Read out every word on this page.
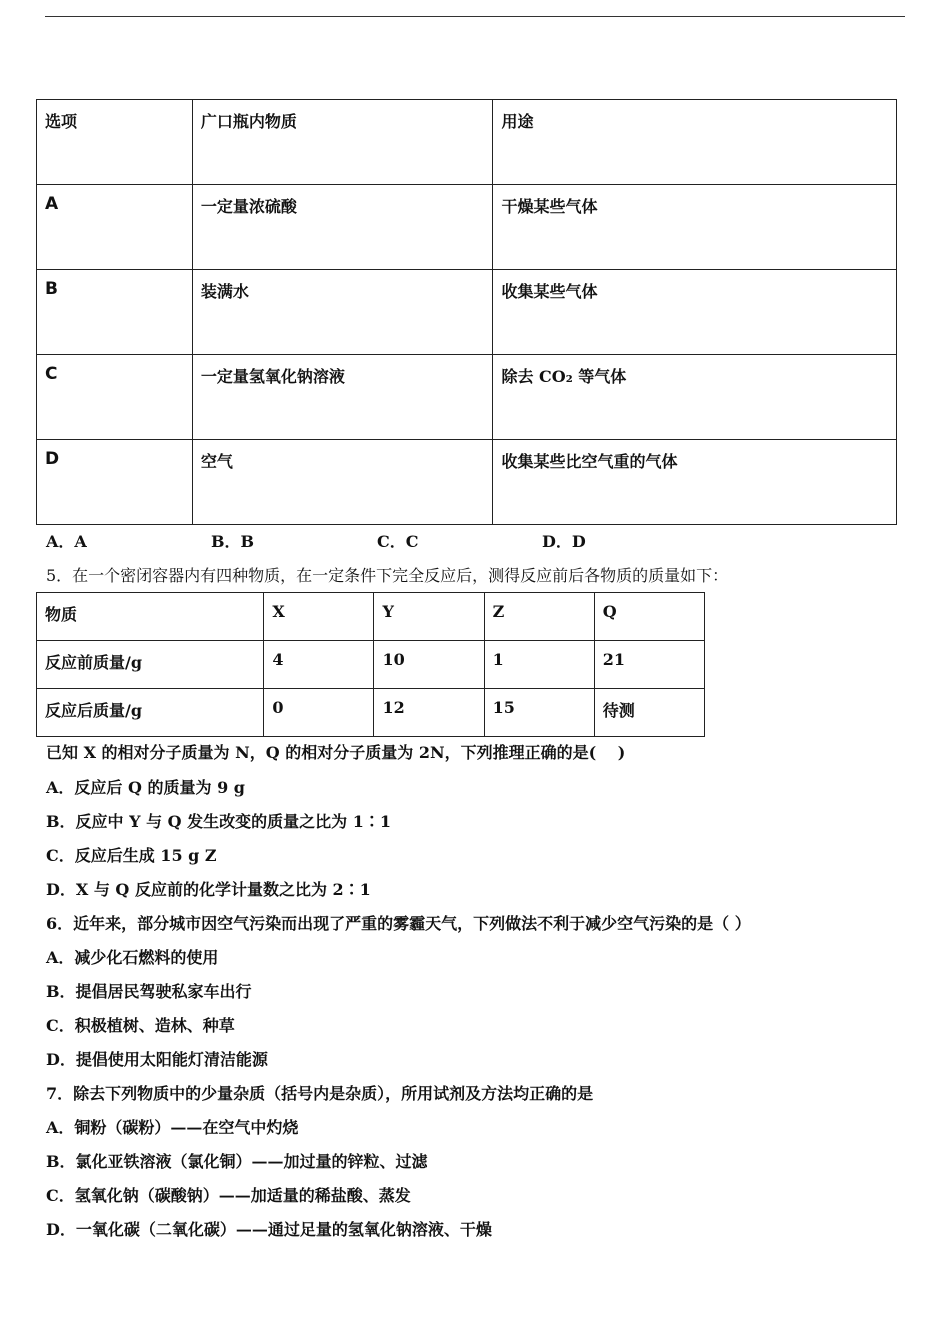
选项	广口瓶内物质	用途
A	一定量浓硫酸	干燥某些气体
B	装满水	收集某些气体
C	一定量氢氧化钠溶液	除去 CO₂ 等气体
D	空气	收集某些比空气重的气体
A．A	B．B	C．C	D．D
5．在一个密闭容器内有四种物质，在一定条件下完全反应后，测得反应前后各物质的质量如下：
物质	X	Y	Z	Q
反应前质量/g	4	10	1	21
反应后质量/g	0	12	15	待测
已知 X 的相对分子质量为 N，Q 的相对分子质量为 2N，下列推理正确的是(　 )
A．反应后 Q 的质量为 9 g
B．反应中 Y 与 Q 发生改变的质量之比为 1∶1
C．反应后生成 15 g Z
D．X 与 Q 反应前的化学计量数之比为 2∶1
6．近年来，部分城市因空气污染而出现了严重的雾霾天气，下列做法不利于减少空气污染的是（ ）
A．减少化石燃料的使用
B．提倡居民驾驶私家车出行
C．积极植树、造林、种草
D．提倡使用太阳能灯清洁能源
7．除去下列物质中的少量杂质（括号内是杂质），所用试剂及方法均正确的是
A．铜粉（碳粉）——在空气中灼烧
B．氯化亚铁溶液（氯化铜）——加过量的锌粒、过滤
C．氢氧化钠（碳酸钠）——加适量的稀盐酸、蒸发
D．一氧化碳（二氧化碳）——通过足量的氢氧化钠溶液、干燥
